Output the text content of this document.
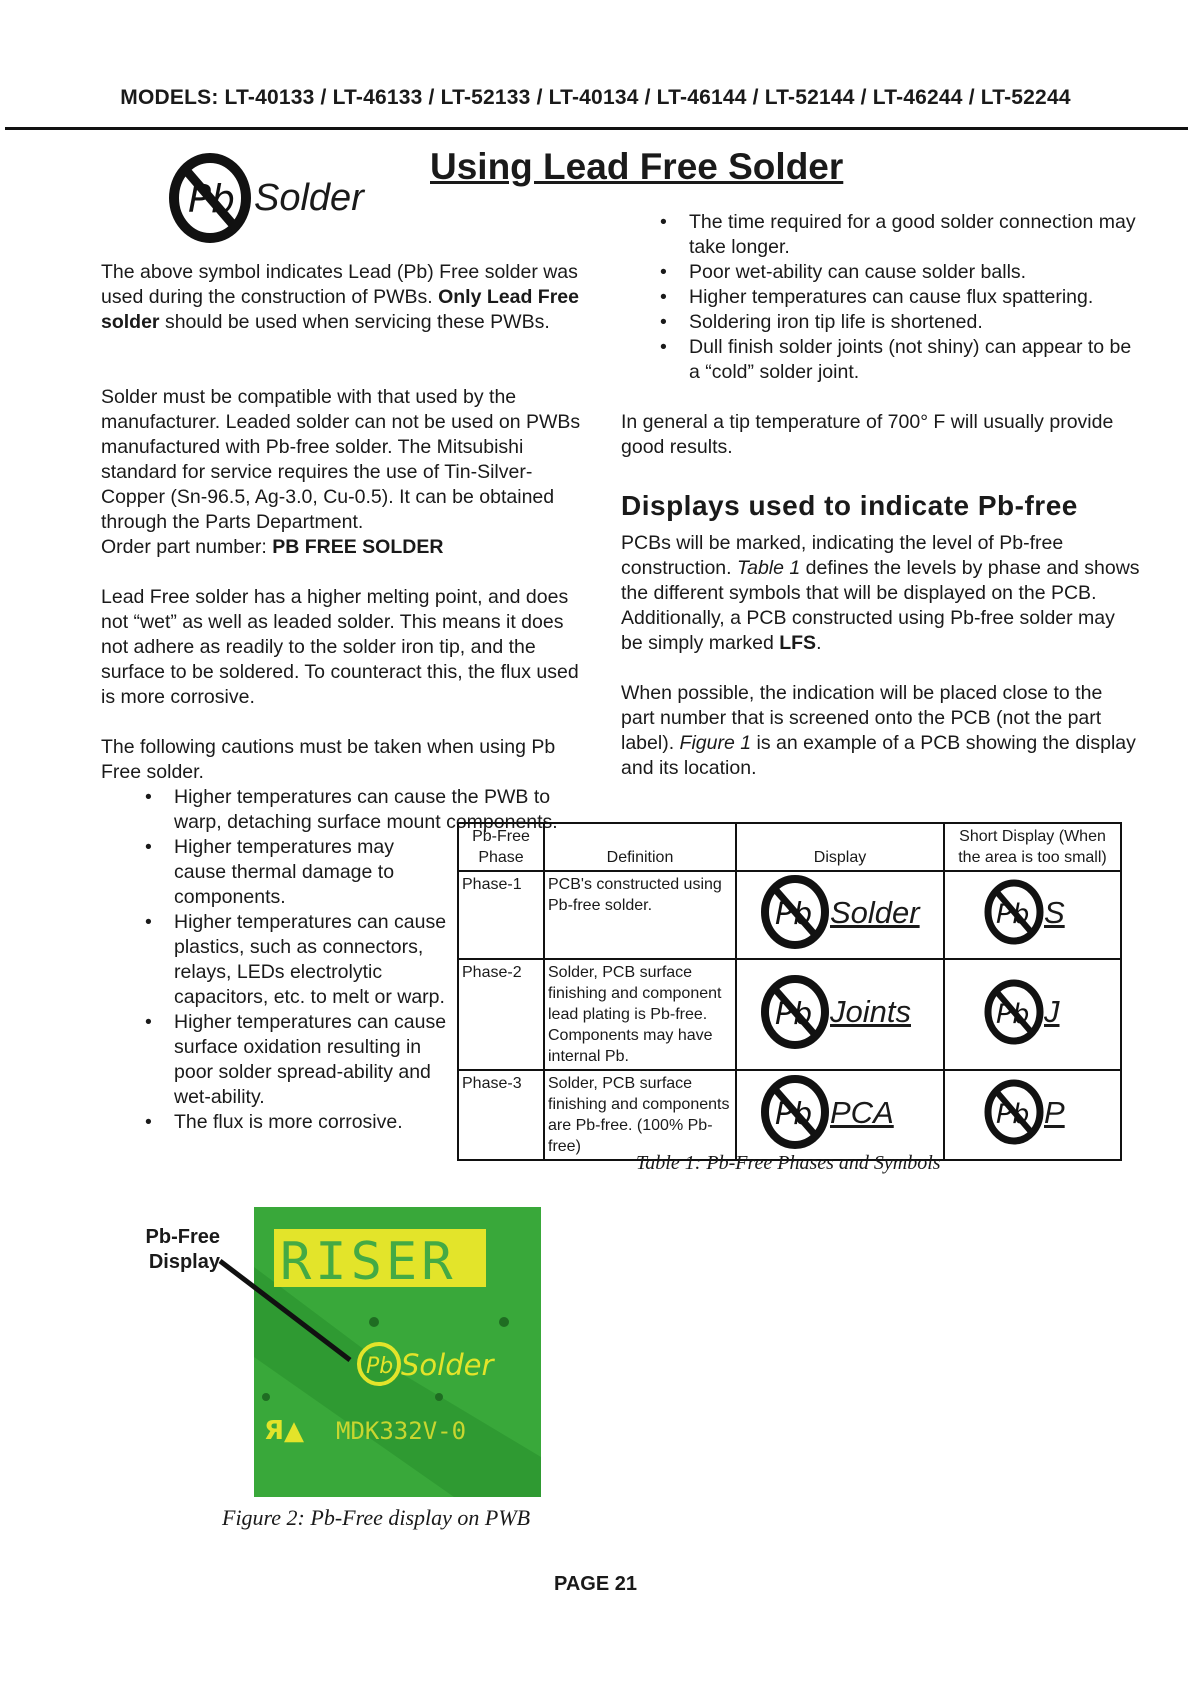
MODELS: LT-40133 / LT-46133 / LT-52133 / LT-40134 / LT-46144 / LT-52144 / LT-46244 / LT-52244
Pb Solder
Using Lead Free Solder
The above symbol indicates Lead (Pb) Free solder was used during the construction of PWBs. Only Lead Free solder should be used when servicing these PWBs.
Solder must be compatible with that used by the manufacturer. Leaded solder can not be used on PWBs manufactured with Pb-free solder. The Mitsubishi standard for service requires the use of Tin-Silver-Copper (Sn-96.5, Ag-3.0, Cu-0.5). It can be obtained through the Parts Department.
Order part number: PB FREE SOLDER
Lead Free solder has a higher melting point, and does not “wet” as well as leaded solder. This means it does not adhere as readily to the solder iron tip, and the surface to be soldered. To counteract this, the flux used is more corrosive.
The following cautions must be taken when using Pb Free solder.
• Higher temperatures can cause the PWB to warp, detaching surface mount components.
• Higher temperatures may cause thermal damage to components.
• Higher temperatures can cause plastics, such as connectors, relays, LEDs electrolytic capacitors, etc. to melt or warp.
• Higher temperatures can cause surface oxidation resulting in poor solder spread-ability and wet-ability.
• The flux is more corrosive.
• The time required for a good solder connection may take longer.
• Poor wet-ability can cause solder balls.
• Higher temperatures can cause flux spattering.
• Soldering iron tip life is shortened.
• Dull finish solder joints (not shiny) can appear to be a “cold” solder joint.
In general a tip temperature of 700° F will usually provide good results.
Displays used to indicate Pb-free
PCBs will be marked, indicating the level of Pb-free construction. Table 1 defines the levels by phase and shows the different symbols that will be displayed on the PCB. Additionally, a PCB constructed using Pb-free solder may be simply marked LFS.
When possible, the indication will be placed close to the part number that is screened onto the PCB (not the part label). Figure 1 is an example of a PCB showing the display and its location.
Pb-Free Phase	Definition	Display	Short Display (When the area is too small)
Phase-1	PCB's constructed using Pb-free solder.	Pb Solder	Pb S

Phase-2	Solder, PCB surface finishing and component lead plating is Pb-free. Components may have internal Pb.	Pb Joints	Pb J

Phase-3	Solder, PCB surface finishing and components are Pb-free. (100% Pb-free)	Pb PCA	Pb P
Table 1: Pb-Free Phases and Symbols
Pb-Free
Display RISER
Pb Solder
Я▲ MDK332V-0
Figure 2: Pb-Free display on PWB
PAGE 21
